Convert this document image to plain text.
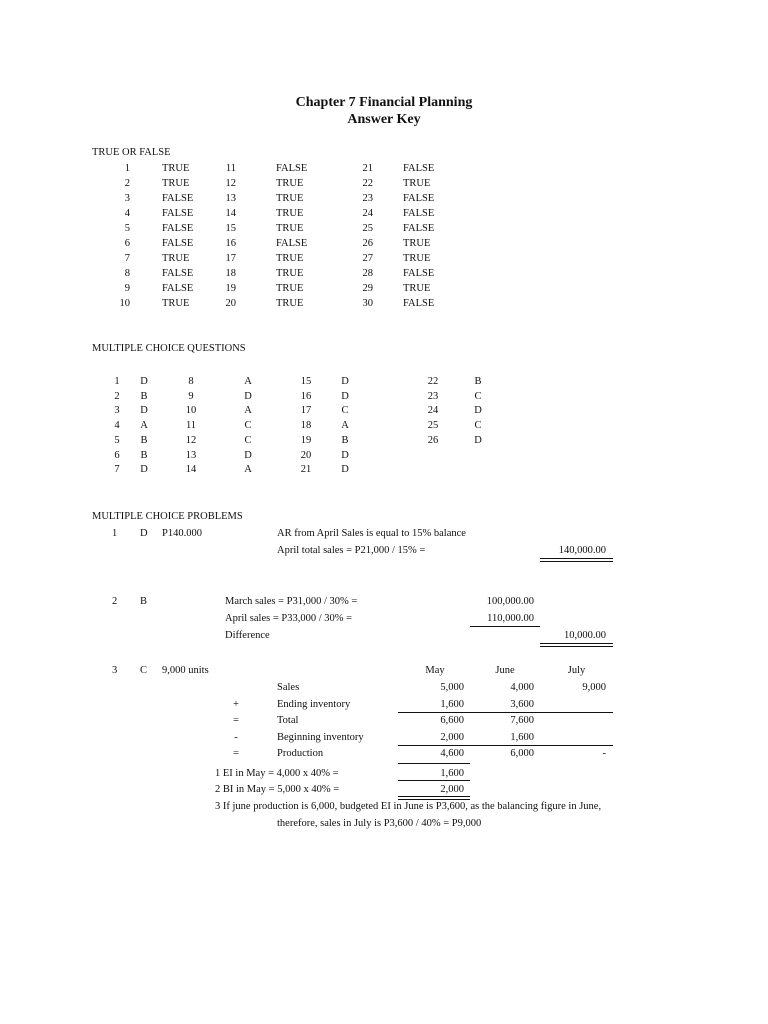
Chapter 7 Financial Planning
Answer Key
TRUE OR FALSE
1	TRUE
2	TRUE
3	FALSE
4	FALSE
5	FALSE
6	FALSE
7	TRUE
8	FALSE
9	FALSE
10	TRUE
11	FALSE
12	TRUE
13	TRUE
14	TRUE
15	TRUE
16	FALSE
17	TRUE
18	TRUE
19	TRUE
20	TRUE
21	FALSE
22	TRUE
23	FALSE
24	FALSE
25	FALSE
26	TRUE
27	TRUE
28	FALSE
29	TRUE
30	FALSE
MULTIPLE CHOICE QUESTIONS
1	D
2	B
3	D
4	A
5	B
6	B
7	D
8	A
9	D
10	A
11	C
12	C
13	D
14	A
15	D
16	D
17	C
18	A
19	B
20	D
21	D
22	B
23	C
24	D
25	C
26	D
MULTIPLE CHOICE PROBLEMS
1 D P140.000	AR from April Sales is equal to 15% balance
April total sales = P21,000 / 15% =	140,000.00
2 B	March sales = P31,000 / 30% =	100,000.00
April sales = P33,000 / 30% =	110,000.00
Difference	10,000.00
3 C 9,000 units	May	June	July
Sales	5,000	4,000	9,000
+	Ending inventory	1,600	3,600
=	Total	6,600	7,600
-	Beginning inventory	2,000	1,600
=	Production	4,600	6,000	-
1 EI in May = 4,000 x 40% =	1,600
2 BI in May = 5,000 x 40% =	2,000
3 If june production is 6,000, budgeted EI in June is P3,600, as the balancing figure in June,
therefore, sales in July is P3,600 / 40% = P9,000
